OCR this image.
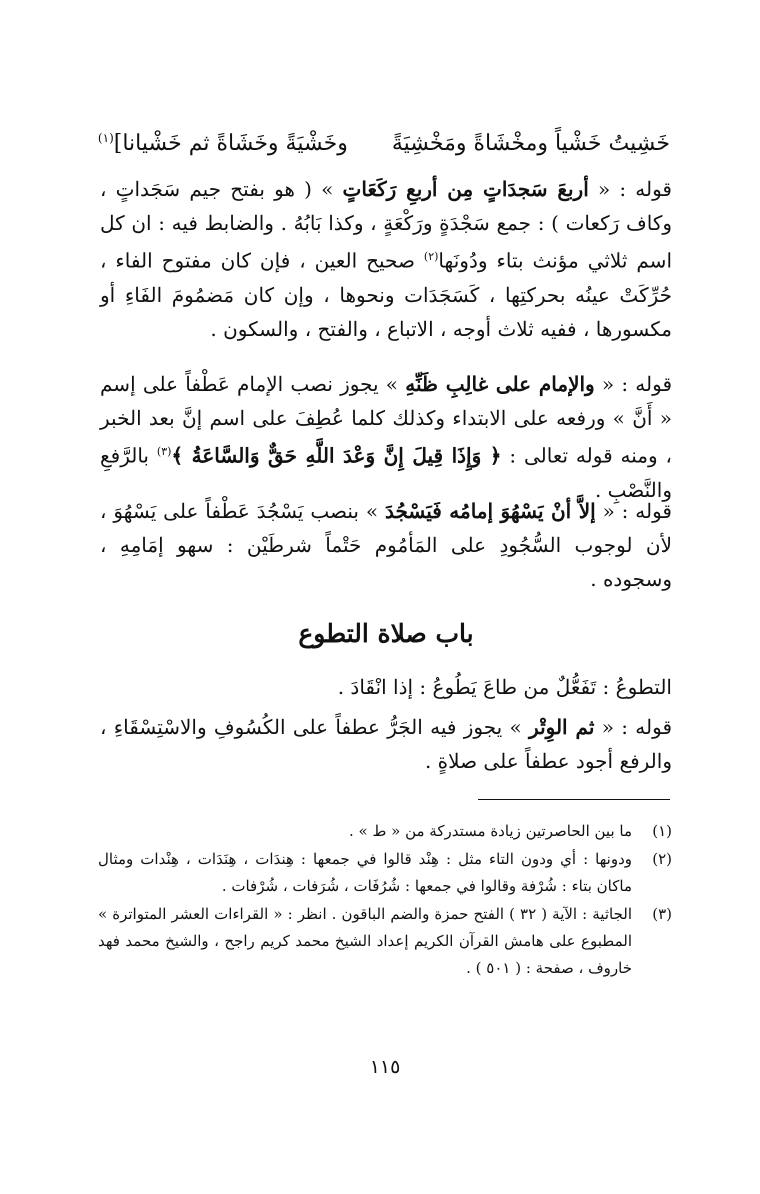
خَشِيتُ خَشْياً ومخْشَاةً ومَخْشِيَةًوخَشْيَةً وخَشَاةً ثم خَشْيانا]$^{(١)}$
قوله : « أربعَ سَجدَاتٍ مِن أربعِ رَكَعَاتٍ » ( هو بفتح جيم سَجَداتٍ ، وكاف رَكعات ) : جمع سَجْدَةٍ ورَكْعَةٍ ، وكذا بَابُهُ . والضابط فيه : ان كل اسم ثلاثي مؤنث بتاء ودُونَها$^{(٢)}$ صحيح العين ، فإن كان مفتوح الفاء ، حُرِّكَتْ عينُه بحركتِها ، كَسَجَدَات ونحوها ، وإن كان مَضمُومَ الفَاءِ أو مكسورها ، ففيه ثلاث أوجه ، الاتباع ، والفتح ، والسكون .
قوله : « والإمام على غالِبِ ظَنِّهِ » يجوز نصب الإمام عَطْفاً على إسم « أَنَّ » ورفعه على الابتداء وكذلك كلما عُطِفَ على اسم إنَّ بعد الخبر ، ومنه قوله تعالى : ﴿ وَإِذَا قِيلَ إِنَّ وَعْدَ اللَّهِ حَقٌّ وَالسَّاعَةُ ﴾$^{(٣)}$ بالرَّفعِ والنَّصْبِ .
قوله : « إلاَّ أنْ يَسْهُوَ إمامُه فَيَسْجُدَ » بنصب يَسْجُدَ عَطْفاً على يَسْهُوَ ، لأن لوجوب السُّجُودِ على المَأمُوم حَتْماً شرطَيْن : سهو إمَامِهِ ، وسجوده .
باب صلاة التطوع
التطوعُ : تَفَعُّلٌ من طاعَ يَطُوعُ : إذا انْقَادَ .
قوله : « ثم الوِتْر » يجوز فيه الجَرُّ عطفاً على الكُسُوفِ والاسْتِسْقَاءِ ، والرفع أجود عطفاً على صلاةٍ .
(١)
ما بين الحاصرتين زيادة مستدركة من « ط » .
(٢)
ودونها : أي ودون التاء مثل : هِنْد قالوا في جمعها : هِندَات ، هِنَدَات ، هِنْدات ومثال ماكان بتاء : شُرْفة وقالوا في جمعها : شُرُفَات ، شُرَفات ، شُرْفات .
(٣)
الجاثية : الآية ( ٣٢ ) الفتح حمزة والضم الباقون . انظر : « القراءات العشر المتواترة » المطبوع على هامش القرآن الكريم إعداد الشيخ محمد كريم راجح ، والشيخ محمد فهد خاروف ، صفحة : ( ٥٠١ ) .
١١٥
